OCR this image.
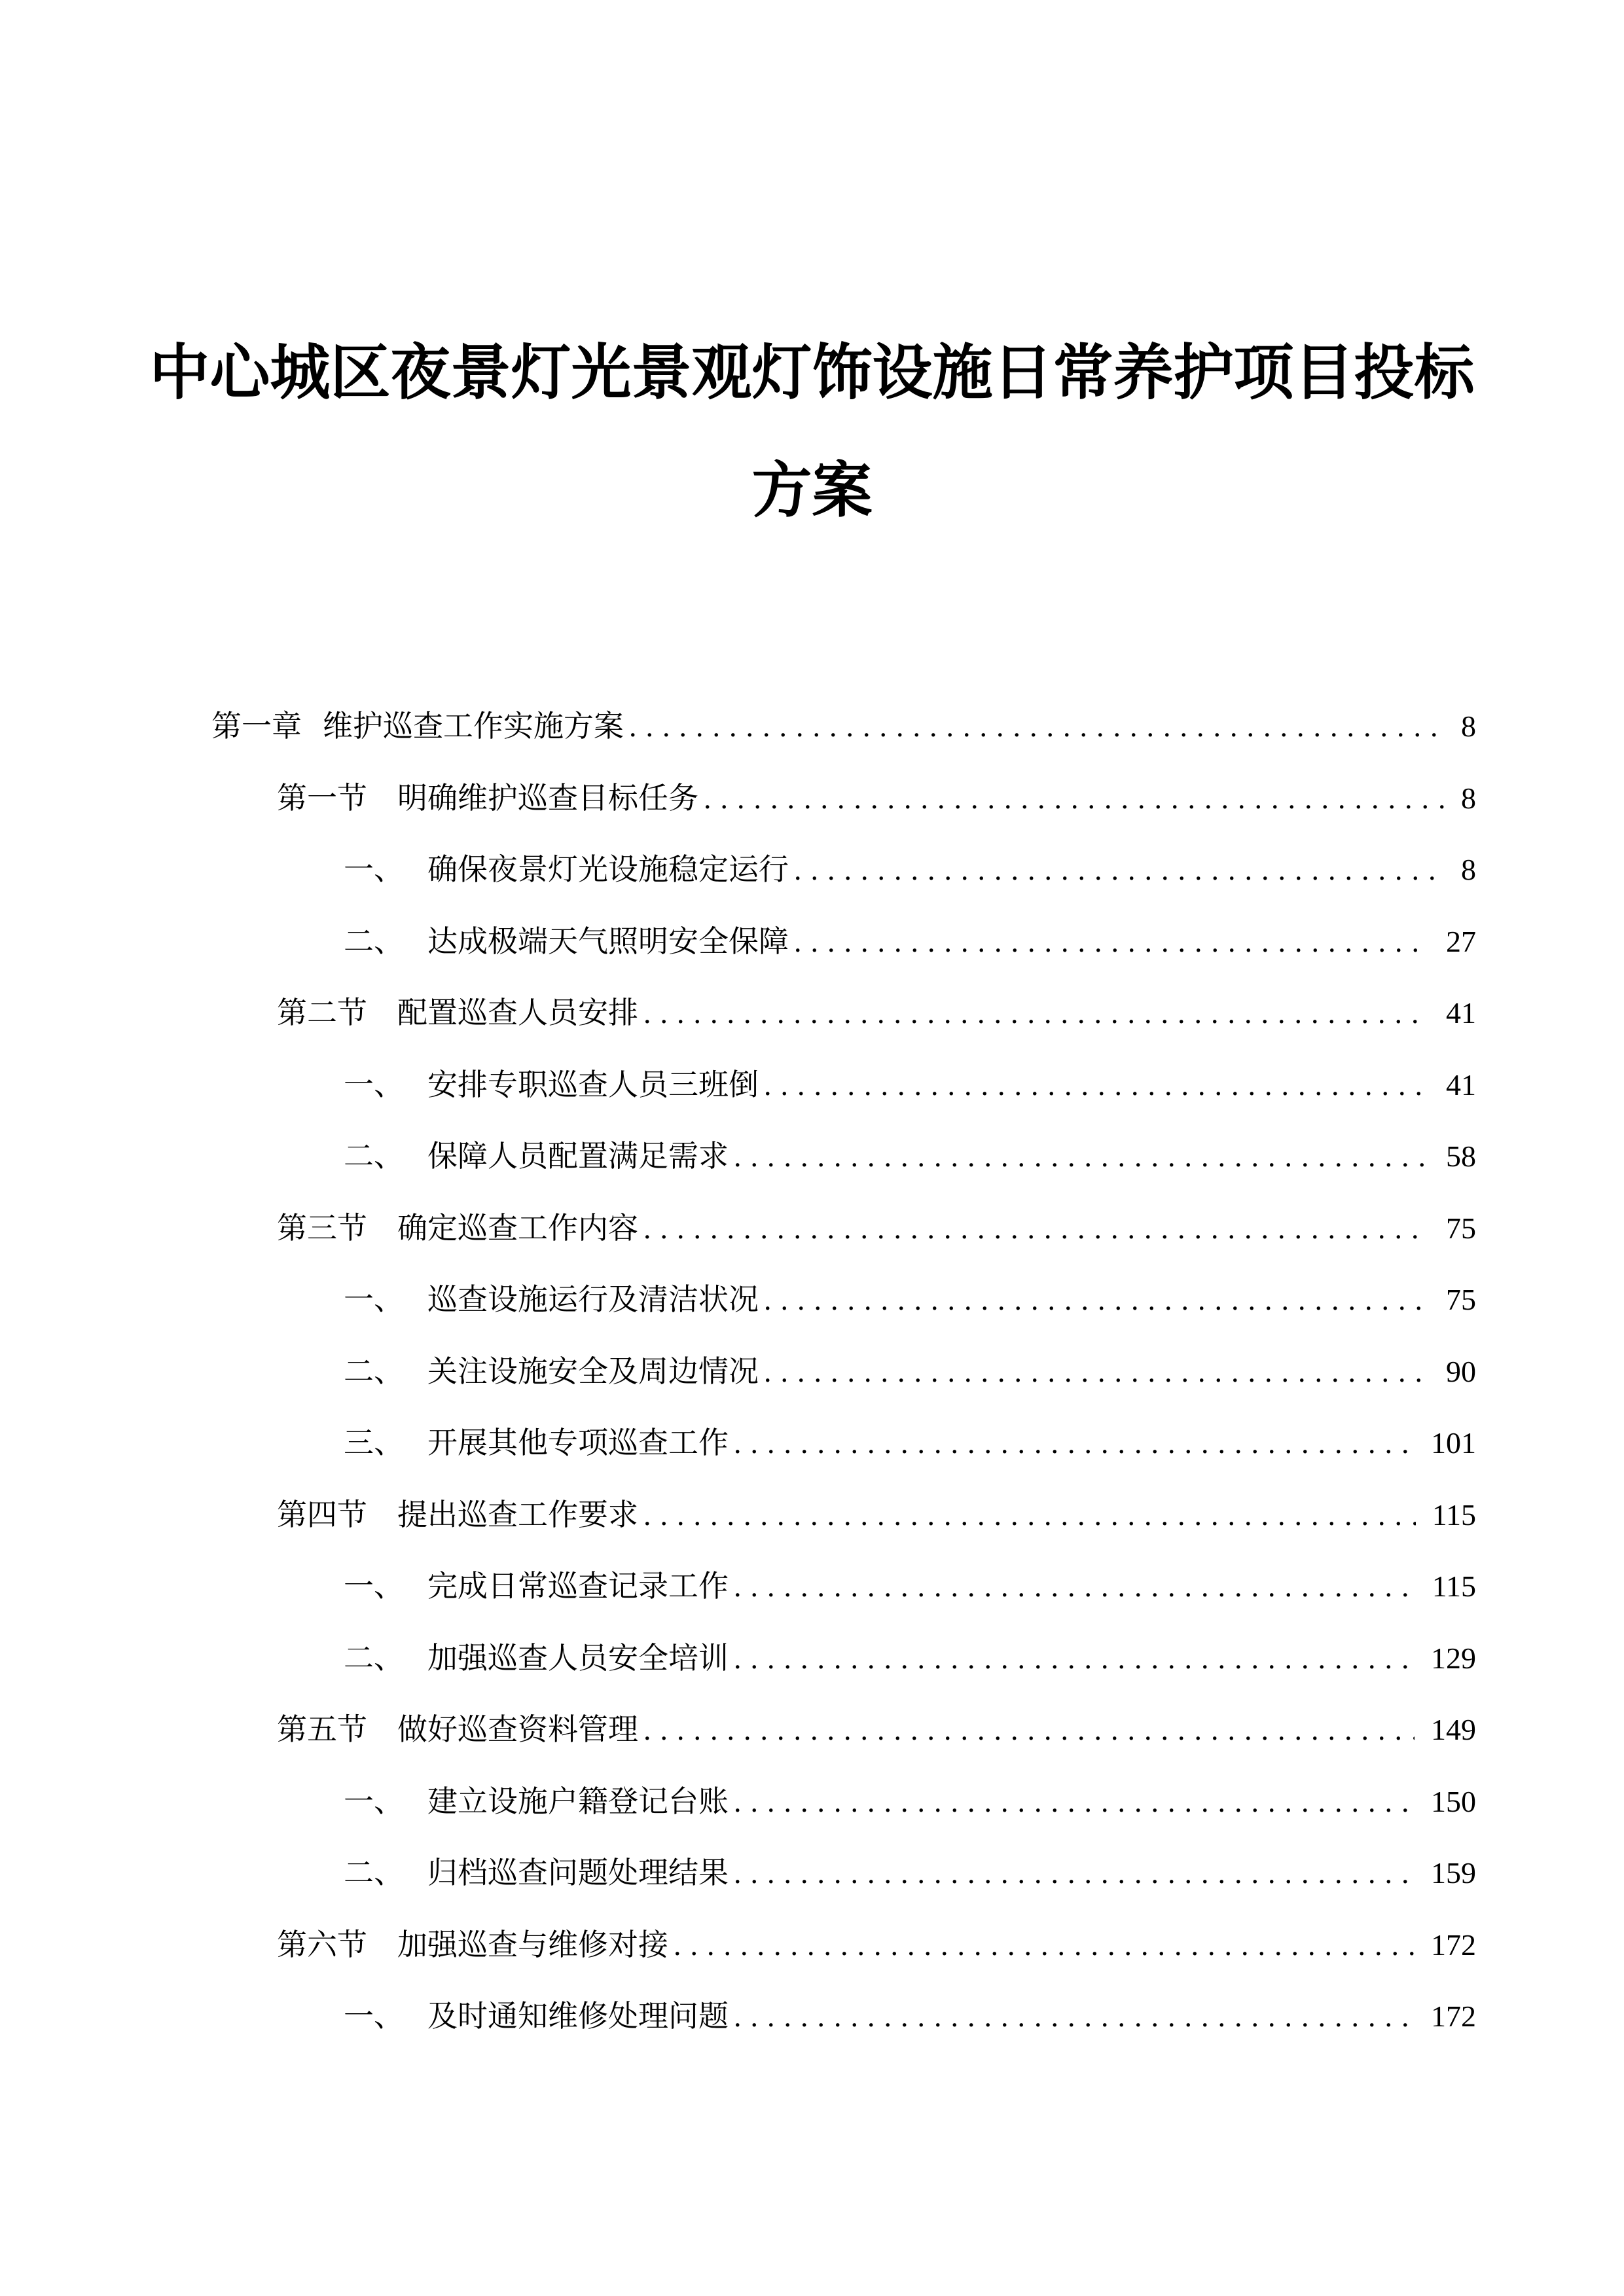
中心城区夜景灯光景观灯饰设施日常养护项目投标
方案
第一章 维护巡查工作实施方案 .....	8
第一节	明确维护巡查目标任务 .....	8
一、 确保夜景灯光设施稳定运行 .....	8
二、 达成极端天气照明安全保障 .....	27
第二节	配置巡查人员安排 .....	41
一、 安排专职巡查人员三班倒 .....	41
二、 保障人员配置满足需求 .....	58
第三节	确定巡查工作内容 .....	75
一、 巡查设施运行及清洁状况 .....	75
二、 关注设施安全及周边情况 .....	90
三、 开展其他专项巡查工作 .....	101
第四节	提出巡查工作要求 .....	115
一、 完成日常巡查记录工作 .....	115
二、 加强巡查人员安全培训 .....	129
第五节	做好巡查资料管理 .....	149
一、 建立设施户籍登记台账 .....	150
二、 归档巡查问题处理结果 .....	159
第六节	加强巡查与维修对接 .....	172
一、 及时通知维修处理问题 .....	172
